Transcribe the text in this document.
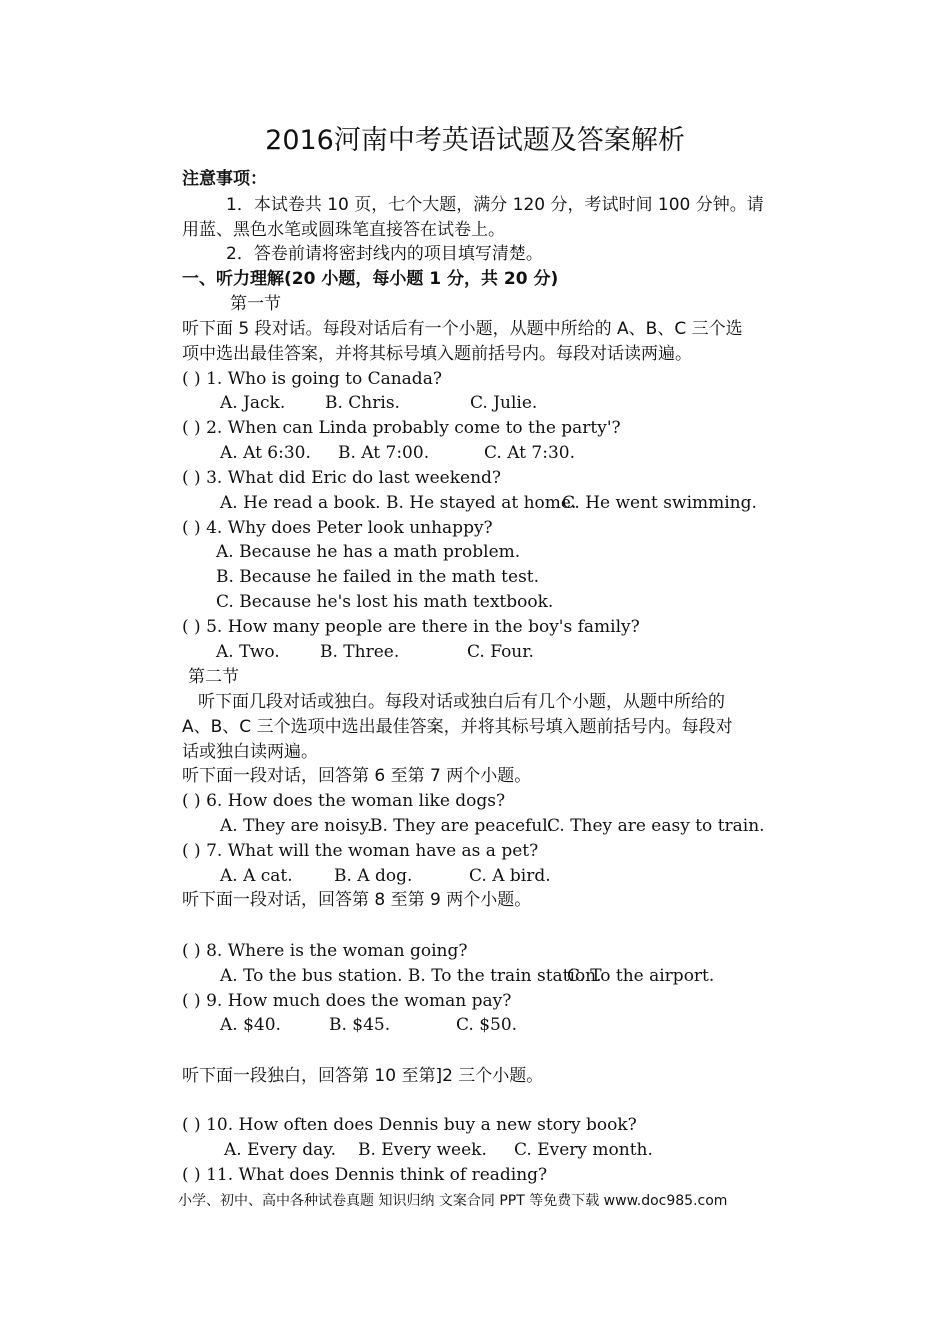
2016河南中考英语试题及答案解析
注意事项：
1．本试卷共 10 页，七个大题，满分 120 分，考试时间 100 分钟。请
用蓝、黑色水笔或圆珠笔直接答在试卷上。
2．答卷前请将密封线内的项目填写清楚。
一、听力理解(20 小题，每小题 1 分，共 20 分)
第一节
听下面 5 段对话。每段对话后有一个小题，从题中所给的 A、B、C 三个选
项中选出最佳答案，并将其标号填入题前括号内。每段对话读两遍。
( ) 1. Who is going to Canada?
A. Jack. B. Chris.	C. Julie.
( ) 2. When can Linda probably come to the party'?
A. At 6:30. B. At 7:00.	C. At 7:30.
( ) 3. What did Eric do last weekend?
A. He read a book. B. He stayed at home.
C. He went swimming.
( ) 4. Why does Peter look unhappy?
A. Because he has a math problem.
B. Because he failed in the math test.
C. Because he's lost his math textbook.
( ) 5. How many people are there in the boy's family?
A. Two. B. Three.	C. Four.
第二节
听下面几段对话或独白。每段对话或独白后有几个小题，从题中所给的
A、B、C 三个选项中选出最佳答案，并将其标号填入题前括号内。每段对
话或独白读两遍。
听下面一段对话，回答第 6 至第 7 两个小题。
( ) 6. How does the woman like dogs?
A. They are noisy.
B. They are peaceful.
C. They are easy to train.
( ) 7. What will the woman have as a pet?
A. A cat. B. A dog.	C. A bird.
听下面一段对话，回答第 8 至第 9 两个小题。
( ) 8. Where is the woman going?
A. To the bus station. B. To the train station.
C. To the airport.
( ) 9. How much does the woman pay?
A. $40.	B. $45.	C. $50.
听下面一段独白，回答第 10 至第]2 三个小题。
( ) 10. How often does Dennis buy a new story book?
A. Every day. B. Every week. C. Every month.
( ) 11. What does Dennis think of reading?
小学、初中、高中各种试卷真题 知识归纳 文案合同 PPT 等免费下载 www.doc985.com
